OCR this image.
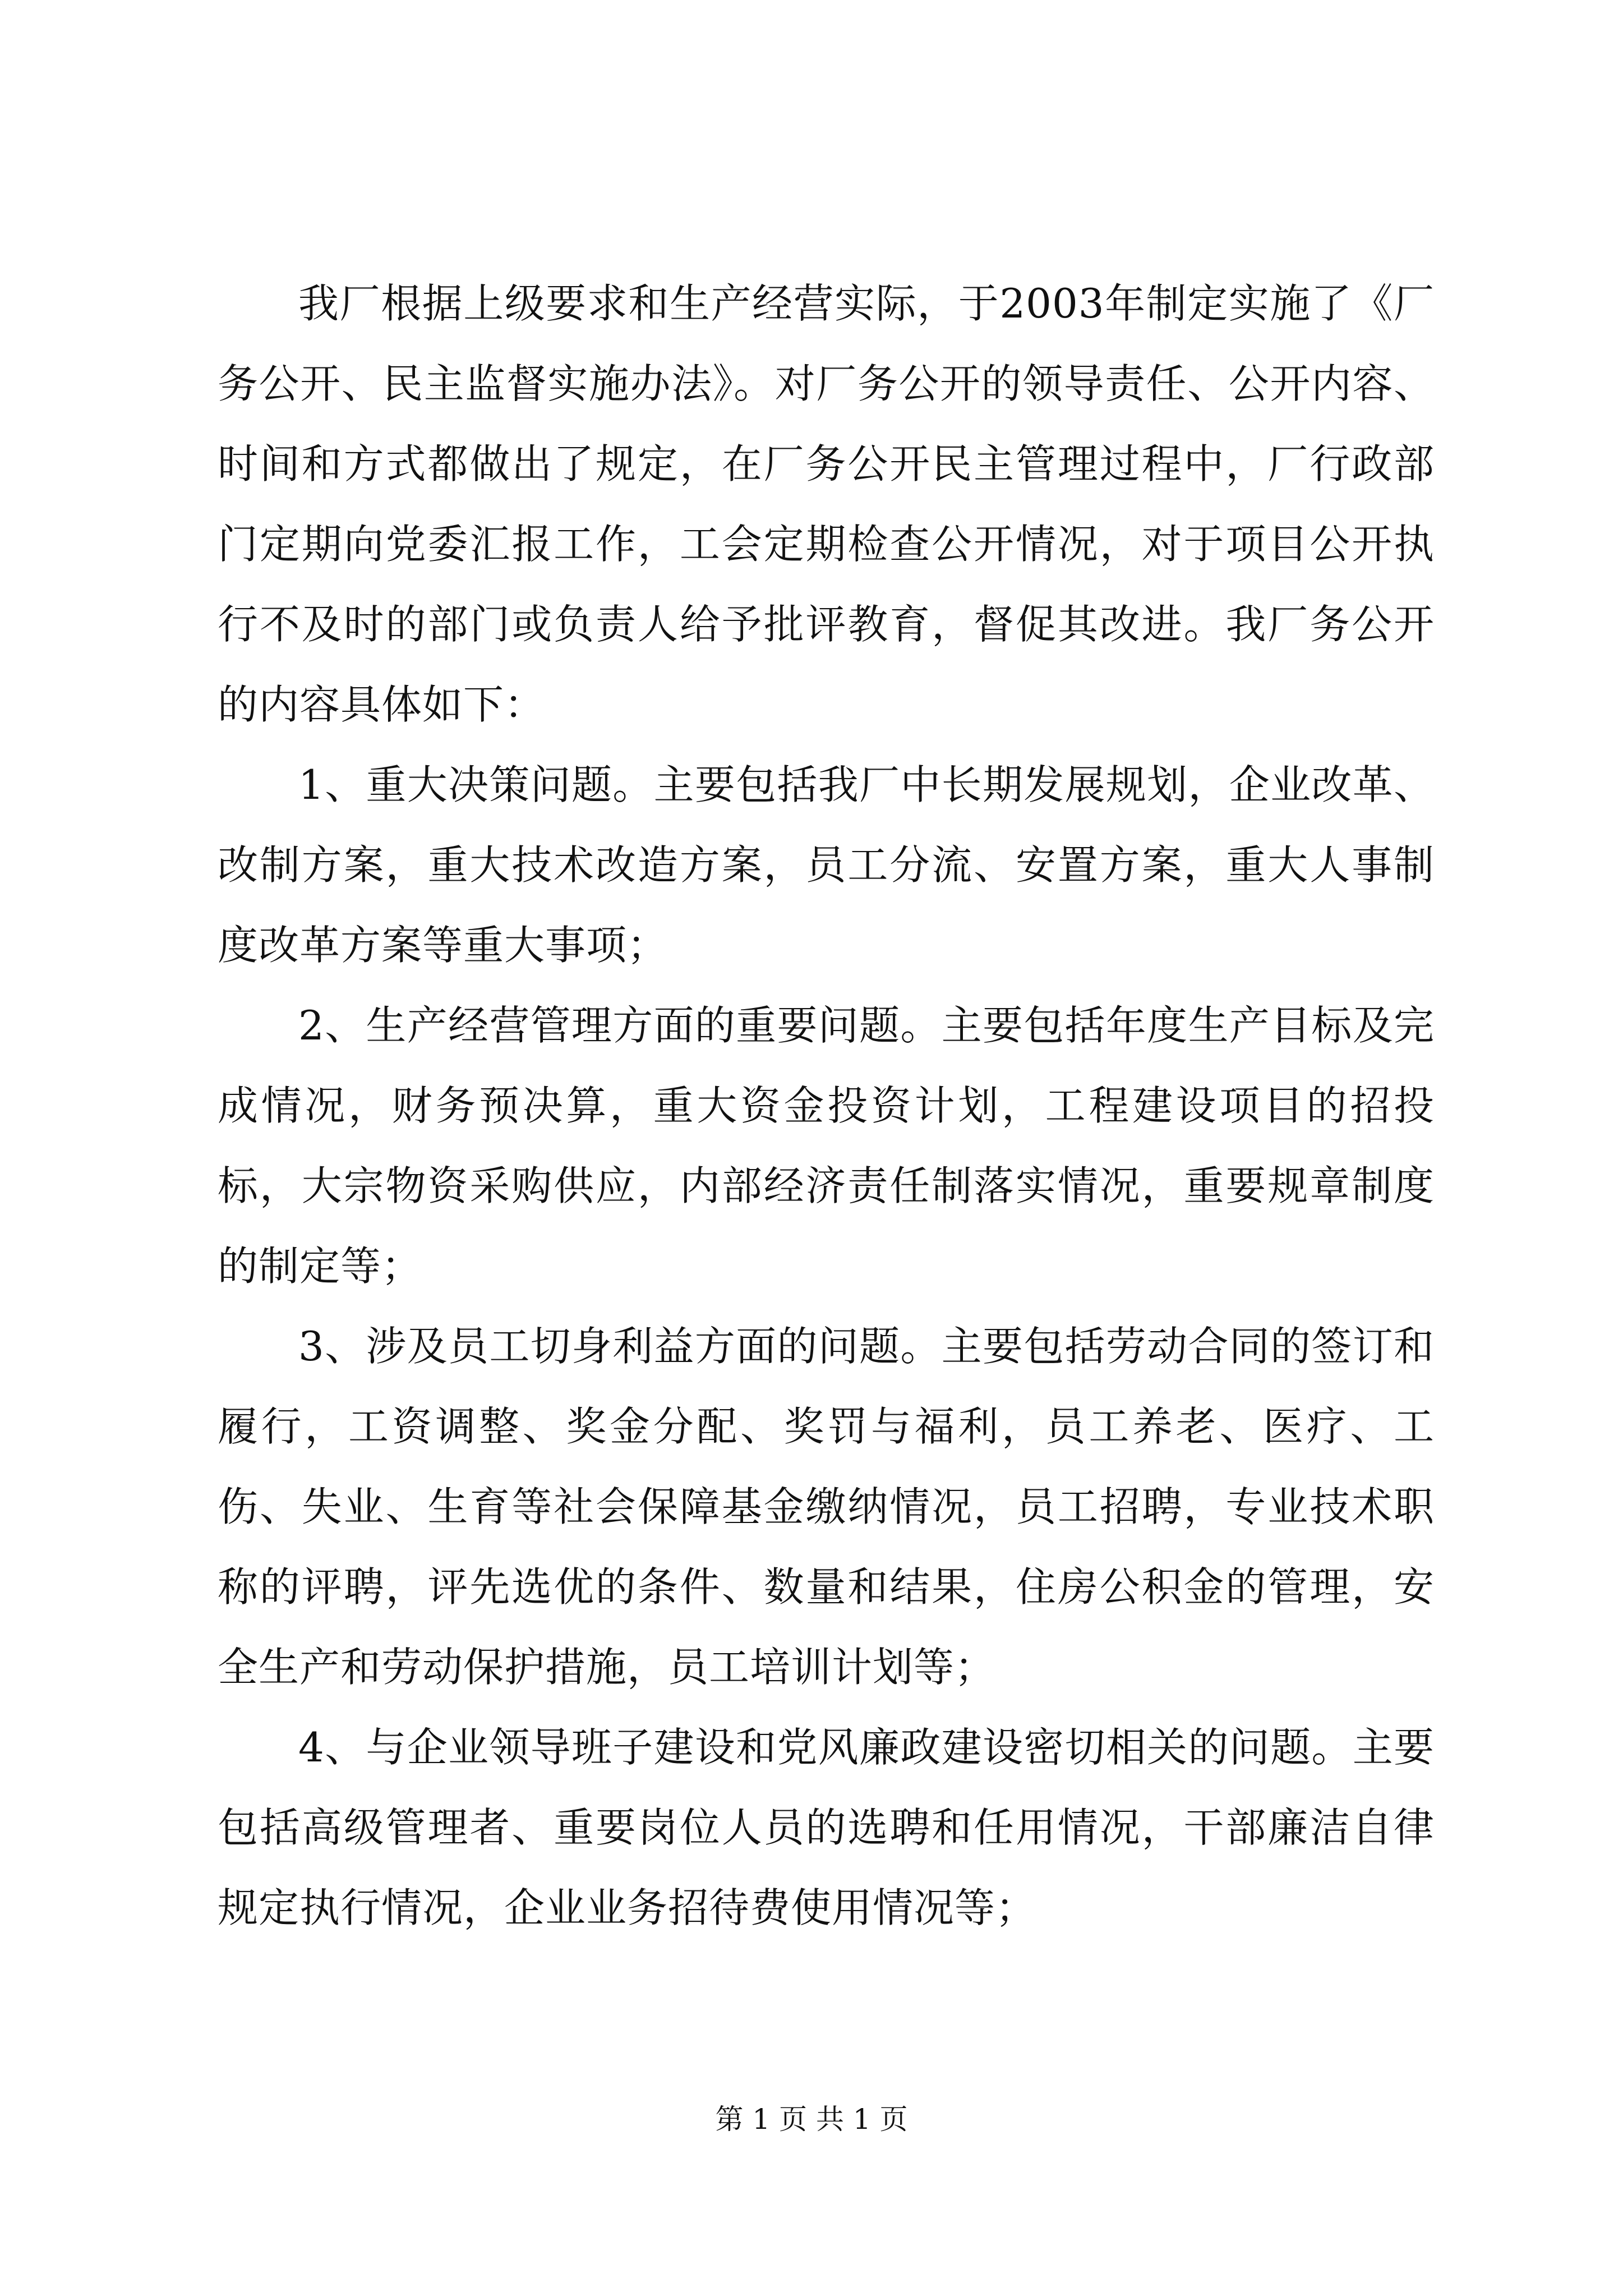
我厂根据上级要求和生产经营实际，于2003年制定实施了《厂务公开、民主监督实施办法》。对厂务公开的领导责任、公开内容、时间和方式都做出了规定，在厂务公开民主管理过程中，厂行政部门定期向党委汇报工作，工会定期检查公开情况，对于项目公开执行不及时的部门或负责人给予批评教育，督促其改进。我厂务公开的内容具体如下：

1、重大决策问题。主要包括我厂中长期发展规划，企业改革、改制方案，重大技术改造方案，员工分流、安置方案，重大人事制度改革方案等重大事项；

2、生产经营管理方面的重要问题。主要包括年度生产目标及完成情况，财务预决算，重大资金投资计划，工程建设项目的招投标，大宗物资采购供应，内部经济责任制落实情况，重要规章制度的制定等；

3、涉及员工切身利益方面的问题。主要包括劳动合同的签订和履行，工资调整、奖金分配、奖罚与福利，员工养老、医疗、工伤、失业、生育等社会保障基金缴纳情况，员工招聘，专业技术职称的评聘，评先选优的条件、数量和结果，住房公积金的管理，安全生产和劳动保护措施，员工培训计划等；

4、与企业领导班子建设和党风廉政建设密切相关的问题。主要包括高级管理者、重要岗位人员的选聘和任用情况，干部廉洁自律规定执行情况，企业业务招待费使用情况等；

第 1 页 共 1 页
